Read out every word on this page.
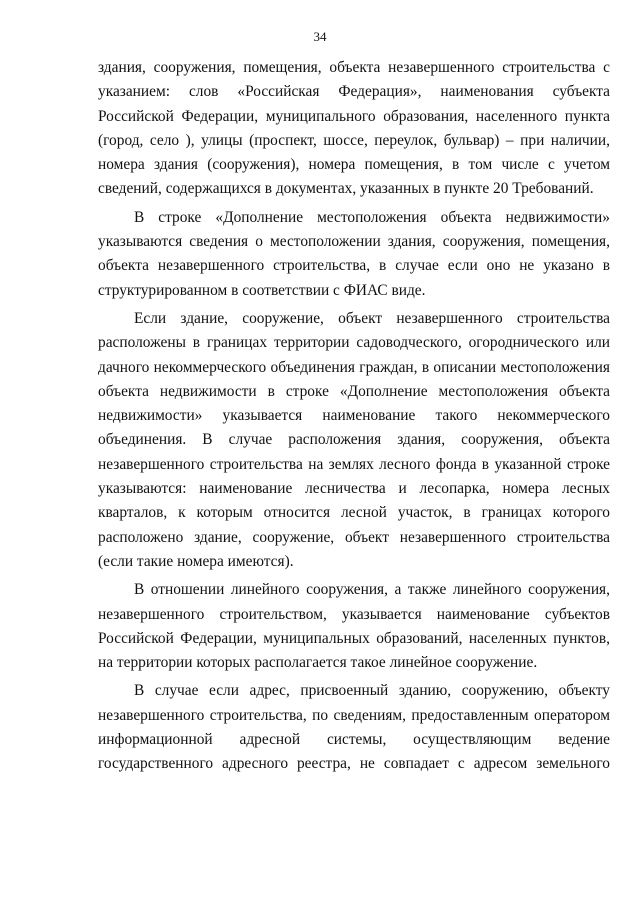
34

здания, сооружения, помещения, объекта незавершенного строительства с указанием: слов «Российская Федерация», наименования субъекта Российской Федерации, муниципального образования, населенного пункта (город, село ), улицы (проспект, шоссе, переулок, бульвар) – при наличии, номера здания (сооружения), номера помещения, в том числе с учетом сведений, содержащихся в документах, указанных в пункте 20 Требований.

В строке «Дополнение местоположения объекта недвижимости» указываются сведения о местоположении здания, сооружения, помещения, объекта незавершенного строительства, в случае если оно не указано в структурированном в соответствии с ФИАС виде.

Если здание, сооружение, объект незавершенного строительства расположены в границах территории садоводческого, огороднического или дачного некоммерческого объединения граждан, в описании местоположения объекта недвижимости в строке «Дополнение местоположения объекта недвижимости» указывается наименование такого некоммерческого объединения. В случае расположения здания, сооружения, объекта незавершенного строительства на землях лесного фонда в указанной строке указываются: наименование лесничества и лесопарка, номера лесных кварталов, к которым относится лесной участок, в границах которого расположено здание, сооружение, объект незавершенного строительства (если такие номера имеются).

В отношении линейного сооружения, а также линейного сооружения, незавершенного строительством, указывается наименование субъектов Российской Федерации, муниципальных образований, населенных пунктов, на территории которых располагается такое линейное сооружение.

В случае если адрес, присвоенный зданию, сооружению, объекту незавершенного строительства, по сведениям, предоставленным оператором информационной адресной системы, осуществляющим ведение государственного адресного реестра, не совпадает с адресом земельного
